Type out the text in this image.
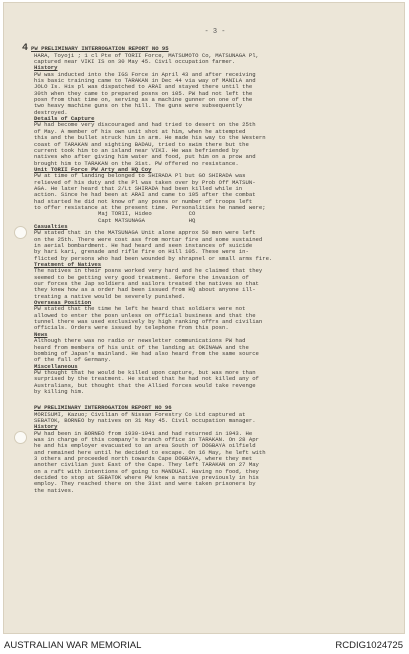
- 3 -
4 PW PRELIMINARY INTERROGATION REPORT NO 95
HARA, Toyoji ; 1 cl Pte of TORII Force, MATSUMOTO Co, MATSUNAGA Pl,
captured near VIKI IS on 30 May 45. Civil occupation farmer.
History
PW was inducted into the IGS Force in April 43 and after receiving
his basic training came to TARAKAN in Dec 44 via way of MANILA and
JOLO Is. His pl was dispatched to ARAI and stayed there until the
30th when they came to prepared posns on 105. PW had not left the
posn from that time on, serving as a machine gunner on one of the
two heavy machine guns on the hill. The guns were subsequently
destroyed.
Details of Capture
PW had become very discouraged and had tried to desert on the 25th
of May. A member of his own unit shot at him, when he attempted
this and the bullet struck him in arm. He made his way to the Western
coast of TARAKAN and sighting BADAU, tried to swim there but the
current took him to an island near VIKI. He was befriended by
natives who after giving him water and food, put him on a prow and
brought him to TARAKAN on the 31st. PW offered no resistance.
Unit TORII Force PW Arty and HQ Coy
PW at time of landing belonged to SHIRADA Pl but GO SHIRADA was
relieved of his duty and the Pl was taken over by Prob Off MATSUN-
AGA. He later heard that 2/Lt SHIRADA had been killed while in
action. Since he had been at ARAI and came to 105 after the combat
had started he did not know of any posns or number of troops left
to offer resistance at the present time. Personalities he named were;
Maj TORII, Hideo           CO
Capt MATSUNAGA             HQ
Casualties
PW stated that in the MATSUNAGA Unit alone approx 50 men were left
on the 25th. There were cost ass from mortar fire and some sustained
in aerial bombardment. He had heard and seen instances of suicide
by hari kari, grenade and rifle fire on Hill 105. These were in-
flicted by persons who had been wounded by shrapnel or small arms fire.
Treatment of Natives
The natives in their posns worked very hard and he claimed that they
seemed to be getting very good treatment. Before the invasion of
our forces the Jap soldiers and sailors treated the natives so that
they knew how as a order had been issued from HQ about anyone ill-
treating a native would be severely punished.
Overseas Position
PW stated that the time he left he heard that soldiers were not
allowed to enter the posn unless on official business and that the
tunnel there was used exclusively by high ranking offrs and civilian
officials. Orders were issued by telephone from this posn.
News
Although there was no radio or newsletter communications PW had
heard from members of his unit of the landing at OKINAWA and the
bombing of Japan's mainland. He had also heard from the same source
of the fall of Germany.
Miscellaneous
PW thought that he would be killed upon capture, but was more than
surprised by the treatment. He stated that he had not killed any of
Australians, but thought that the Allied forces would take revenge
by killing him.
PW PRELIMINARY INTERROGATION REPORT NO 96
MORISUMI, Kazuo; Civilian of Nissan Forestry Co Ltd captured at
SEBATOK, BORNEO by natives on 31 May 45. Civil occupation manager.
History
PW had been in BORNEO from 1930-1941 and had returned in 1943. He
was in charge of this company's branch office in TARAKAN. On 28 Apr
he and his employer evacuated to an area South of DOGBAYA oilfield
and remained here until he decided to escape. On 16 May, he left with
3 others and proceeded north towards Cape DOGBAYA, where they met
another civilian just East of the Cape. They left TARAKAN on 27 May
on a raft with intentions of going to MANDUAI. Having no food, they
decided to stop at SEBATOK where PW knew a native previously in his
employ. They reached there on the 31st and were taken prisoners by
the natives.
AUSTRALIAN WAR MEMORIAL	RCDIG1024725
